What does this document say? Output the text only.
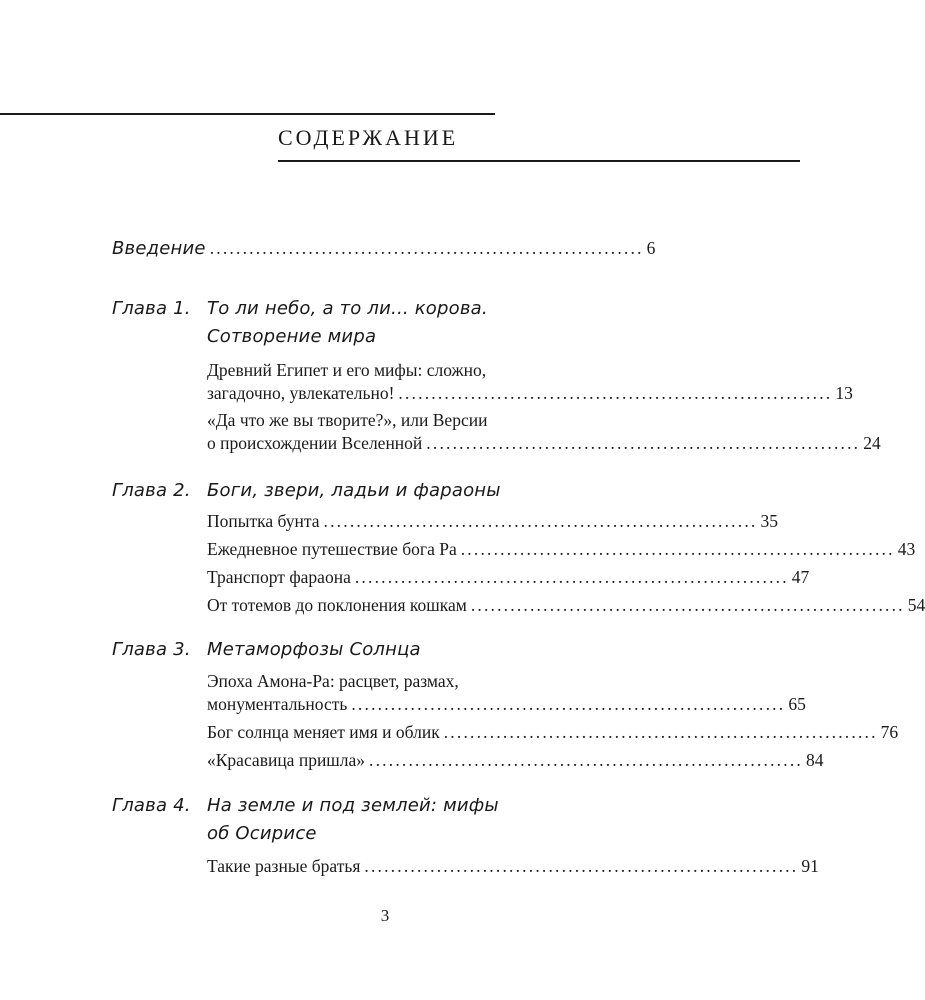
СОДЕРЖАНИЕ
Введение .................................................................. 6
Глава 1. То ли небо, а то ли... корова.
Сотворение мира
Древний Египет и его мифы: сложно,
загадочно, увлекательно! .................................................................. 13
«Да что же вы творите?», или Версии
о происхождении Вселенной .................................................................. 24
Глава 2. Боги, звери, ладьи и фараоны
Попытка бунта .................................................................. 35
Ежедневное путешествие бога Ра .................................................................. 43
Транспорт фараона .................................................................. 47
От тотемов до поклонения кошкам .................................................................. 54
Глава 3. Метаморфозы Солнца
Эпоха Амона-Ра: расцвет, размах,
монументальность .................................................................. 65
Бог солнца меняет имя и облик .................................................................. 76
«Красавица пришла» .................................................................. 84
Глава 4. На земле и под землей: мифы
об Осирисе
Такие разные братья .................................................................. 91
3
